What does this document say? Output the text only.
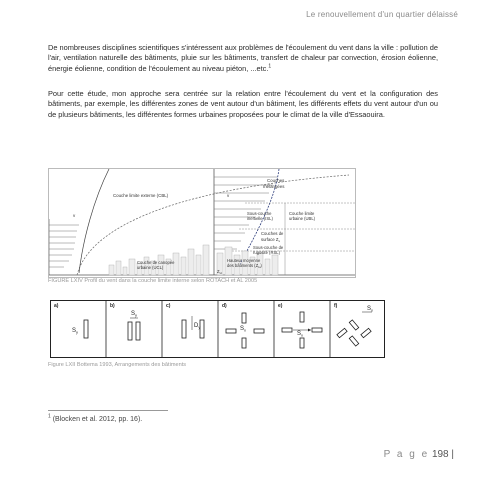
Le renouvellement d'un quartier délaissé

De nombreuses disciplines scientifiques s'intéressent aux problèmes de l'écoulement du vent dans la ville : pollution de l'air, ventilation naturelle des bâtiments, pluie sur les bâtiments, transfert de chaleur par convection, érosion éolienne, énergie éolienne, condition de l'écoulement au niveau piéton, ...etc.$^1$

Pour cette étude, mon approche sera centrée sur la relation entre l'écoulement du vent et la configuration des bâtiments, par exemple, les différentes zones de vent autour d'un bâtiment, les différents effets du vent autour d'un ou de plusieurs bâtiments, les différentes formes urbaines proposées pour le climat de la ville d'Essaouira.

Couches
mélangées
Couche limite externe (CBL)	v
v	Sous-couche
inertielle (ISL)
Couche limite
urbaine (UBL)
Couches de
surface $Z_s$
Sous-couche de
rugosité (RSL)
Couche de canopée
urbaine (UCL)
Hauteur moyenne
des bâtiments $(Z_H)$
$Z_H$
FIGURE LXIV Profil du vent dans la couche limite interne selon ROTACH et AL 2005
a)	b)	c)	d)	e)	f)
$S_y$
$S_y$
$D_y$	$S_x$
$S_x$
$S_x$
Figure LXII Bottema 1993, Arrangements des bâtiments
$^1$ (Blocken et al. 2012, pp. 16).
P a g e 198 |
